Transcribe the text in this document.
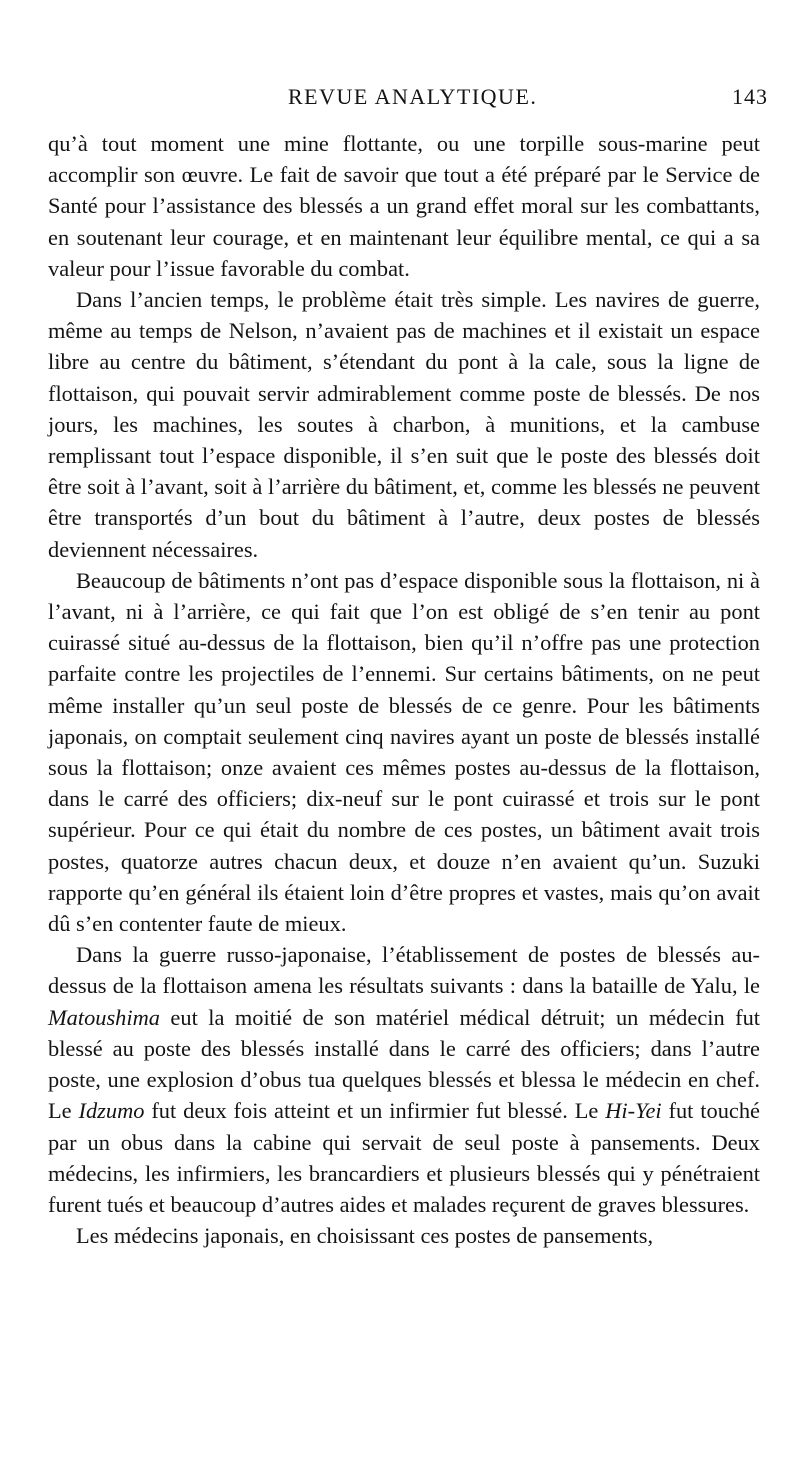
REVUE ANALYTIQUE.	143

qu’à tout moment une mine flottante, ou une torpille sous-marine peut accomplir son œuvre. Le fait de savoir que tout a été préparé par le Service de Santé pour l’assistance des blessés a un grand effet moral sur les combattants, en soutenant leur courage, et en maintenant leur équilibre mental, ce qui a sa valeur pour l’issue favorable du combat.

Dans l’ancien temps, le problème était très simple. Les navires de guerre, même au temps de Nelson, n’avaient pas de machines et il existait un espace libre au centre du bâtiment, s’étendant du pont à la cale, sous la ligne de flottaison, qui pouvait servir admirablement comme poste de blessés. De nos jours, les machines, les soutes à charbon, à munitions, et la cambuse remplissant tout l’espace disponible, il s’en suit que le poste des blessés doit être soit à l’avant, soit à l’arrière du bâtiment, et, comme les blessés ne peuvent être transportés d’un bout du bâtiment à l’autre, deux postes de blessés deviennent nécessaires.

Beaucoup de bâtiments n’ont pas d’espace disponible sous la flottaison, ni à l’avant, ni à l’arrière, ce qui fait que l’on est obligé de s’en tenir au pont cuirassé situé au-dessus de la flottaison, bien qu’il n’offre pas une protection parfaite contre les projectiles de l’ennemi. Sur certains bâtiments, on ne peut même installer qu’un seul poste de blessés de ce genre. Pour les bâtiments japonais, on comptait seulement cinq navires ayant un poste de blessés installé sous la flottaison; onze avaient ces mêmes postes au-dessus de la flottaison, dans le carré des officiers; dix-neuf sur le pont cuirassé et trois sur le pont supérieur. Pour ce qui était du nombre de ces postes, un bâtiment avait trois postes, quatorze autres chacun deux, et douze n’en avaient qu’un. Suzuki rapporte qu’en général ils étaient loin d’être propres et vastes, mais qu’on avait dû s’en contenter faute de mieux.

Dans la guerre russo-japonaise, l’établissement de postes de blessés au-dessus de la flottaison amena les résultats suivants : dans la bataille de Yalu, le Matoushima eut la moitié de son matériel médical détruit; un médecin fut blessé au poste des blessés installé dans le carré des officiers; dans l’autre poste, une explosion d’obus tua quelques blessés et blessa le médecin en chef. Le Idzumo fut deux fois atteint et un infirmier fut blessé. Le Hi-Yei fut touché par un obus dans la cabine qui servait de seul poste à pansements. Deux médecins, les infirmiers, les brancardiers et plusieurs blessés qui y pénétraient furent tués et beaucoup d’autres aides et malades reçurent de graves blessures.

Les médecins japonais, en choisissant ces postes de pansements,
